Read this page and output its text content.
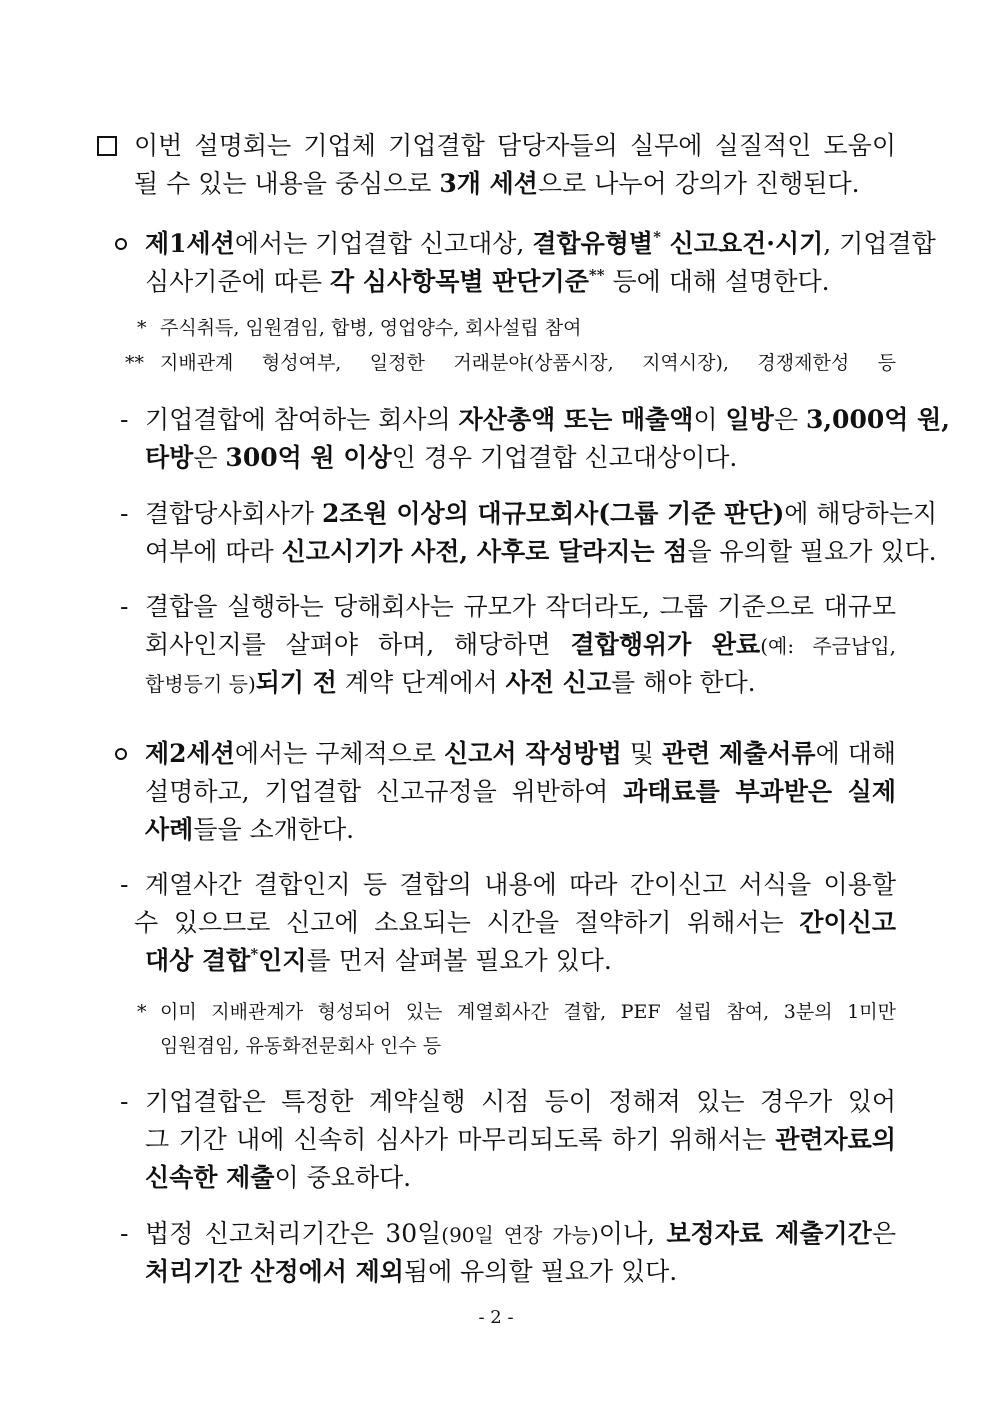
이번 설명회는 기업체 기업결합 담당자들의 실무에 실질적인 도움이
될 수 있는 내용을 중심으로 3개 세션으로 나누어 강의가 진행된다.
제1세션에서는 기업결합 신고대상, 결합유형별* 신고요건·시기, 기업결합
심사기준에 따른 각 심사항목별 판단기준** 등에 대해 설명한다.
* 주식취득, 임원겸임, 합병, 영업양수, 회사설립 참여
** 지배관계 형성여부, 일정한 거래분야(상품시장, 지역시장), 경쟁제한성 등
- 기업결합에 참여하는 회사의 자산총액 또는 매출액이 일방은 3,000억 원,
타방은 300억 원 이상인 경우 기업결합 신고대상이다.
- 결합당사회사가 2조원 이상의 대규모회사(그룹 기준 판단)에 해당하는지
여부에 따라 신고시기가 사전, 사후로 달라지는 점을 유의할 필요가 있다.
- 결합을 실행하는 당해회사는 규모가 작더라도, 그룹 기준으로 대규모
회사인지를 살펴야 하며, 해당하면 결합행위가 완료(예: 주금납입,
합병등기 등)되기 전 계약 단계에서 사전 신고를 해야 한다.
제2세션에서는 구체적으로 신고서 작성방법 및 관련 제출서류에 대해
설명하고, 기업결합 신고규정을 위반하여 과태료를 부과받은 실제
사례들을 소개한다.
- 계열사간 결합인지 등 결합의 내용에 따라 간이신고 서식을 이용할
수 있으므로 신고에 소요되는 시간을 절약하기 위해서는 간이신고
대상 결합*인지를 먼저 살펴볼 필요가 있다.
* 이미 지배관계가 형성되어 있는 계열회사간 결합, PEF 설립 참여, 3분의 1미만
임원겸임, 유동화전문회사 인수 등
- 기업결합은 특정한 계약실행 시점 등이 정해져 있는 경우가 있어
그 기간 내에 신속히 심사가 마무리되도록 하기 위해서는 관련자료의
신속한 제출이 중요하다.
- 법정 신고처리기간은 30일(90일 연장 가능)이나, 보정자료 제출기간은
처리기간 산정에서 제외됨에 유의할 필요가 있다.
- 2 -
